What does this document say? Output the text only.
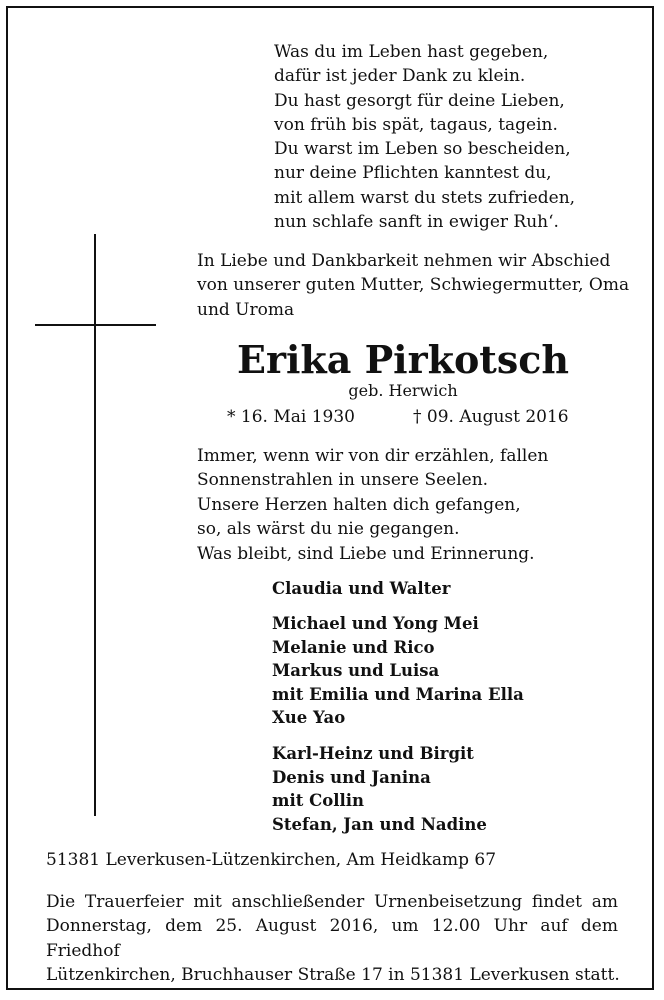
Was du im Leben hast gegeben,
dafür ist jeder Dank zu klein.
Du hast gesorgt für deine Lieben,
von früh bis spät, tagaus, tagein.
Du warst im Leben so bescheiden,
nur deine Pflichten kanntest du,
mit allem warst du stets zufrieden,
nun schlafe sanft in ewiger Ruh‘.
In Liebe und Dankbarkeit nehmen wir Abschied
von unserer guten Mutter, Schwiegermutter, Oma
und Uroma
Erika Pirkotsch
geb. Herwich
* 16. Mai 1930	† 09. August 2016
Immer, wenn wir von dir erzählen, fallen
Sonnenstrahlen in unsere Seelen.
Unsere Herzen halten dich gefangen,
so, als wärst du nie gegangen.
Was bleibt, sind Liebe und Erinnerung.
Claudia und Walter
Michael und Yong Mei
Melanie und Rico
Markus und Luisa
mit Emilia und Marina Ella
Xue Yao
Karl-Heinz und Birgit
Denis und Janina
mit Collin
Stefan, Jan und Nadine
51381 Leverkusen-Lützenkirchen, Am Heidkamp 67
Die Trauerfeier mit anschließender Urnenbeisetzung findet am
Donnerstag, dem 25. August 2016, um 12.00 Uhr auf dem Friedhof
Lützenkirchen, Bruchhauser Straße 17 in 51381 Leverkusen statt.
